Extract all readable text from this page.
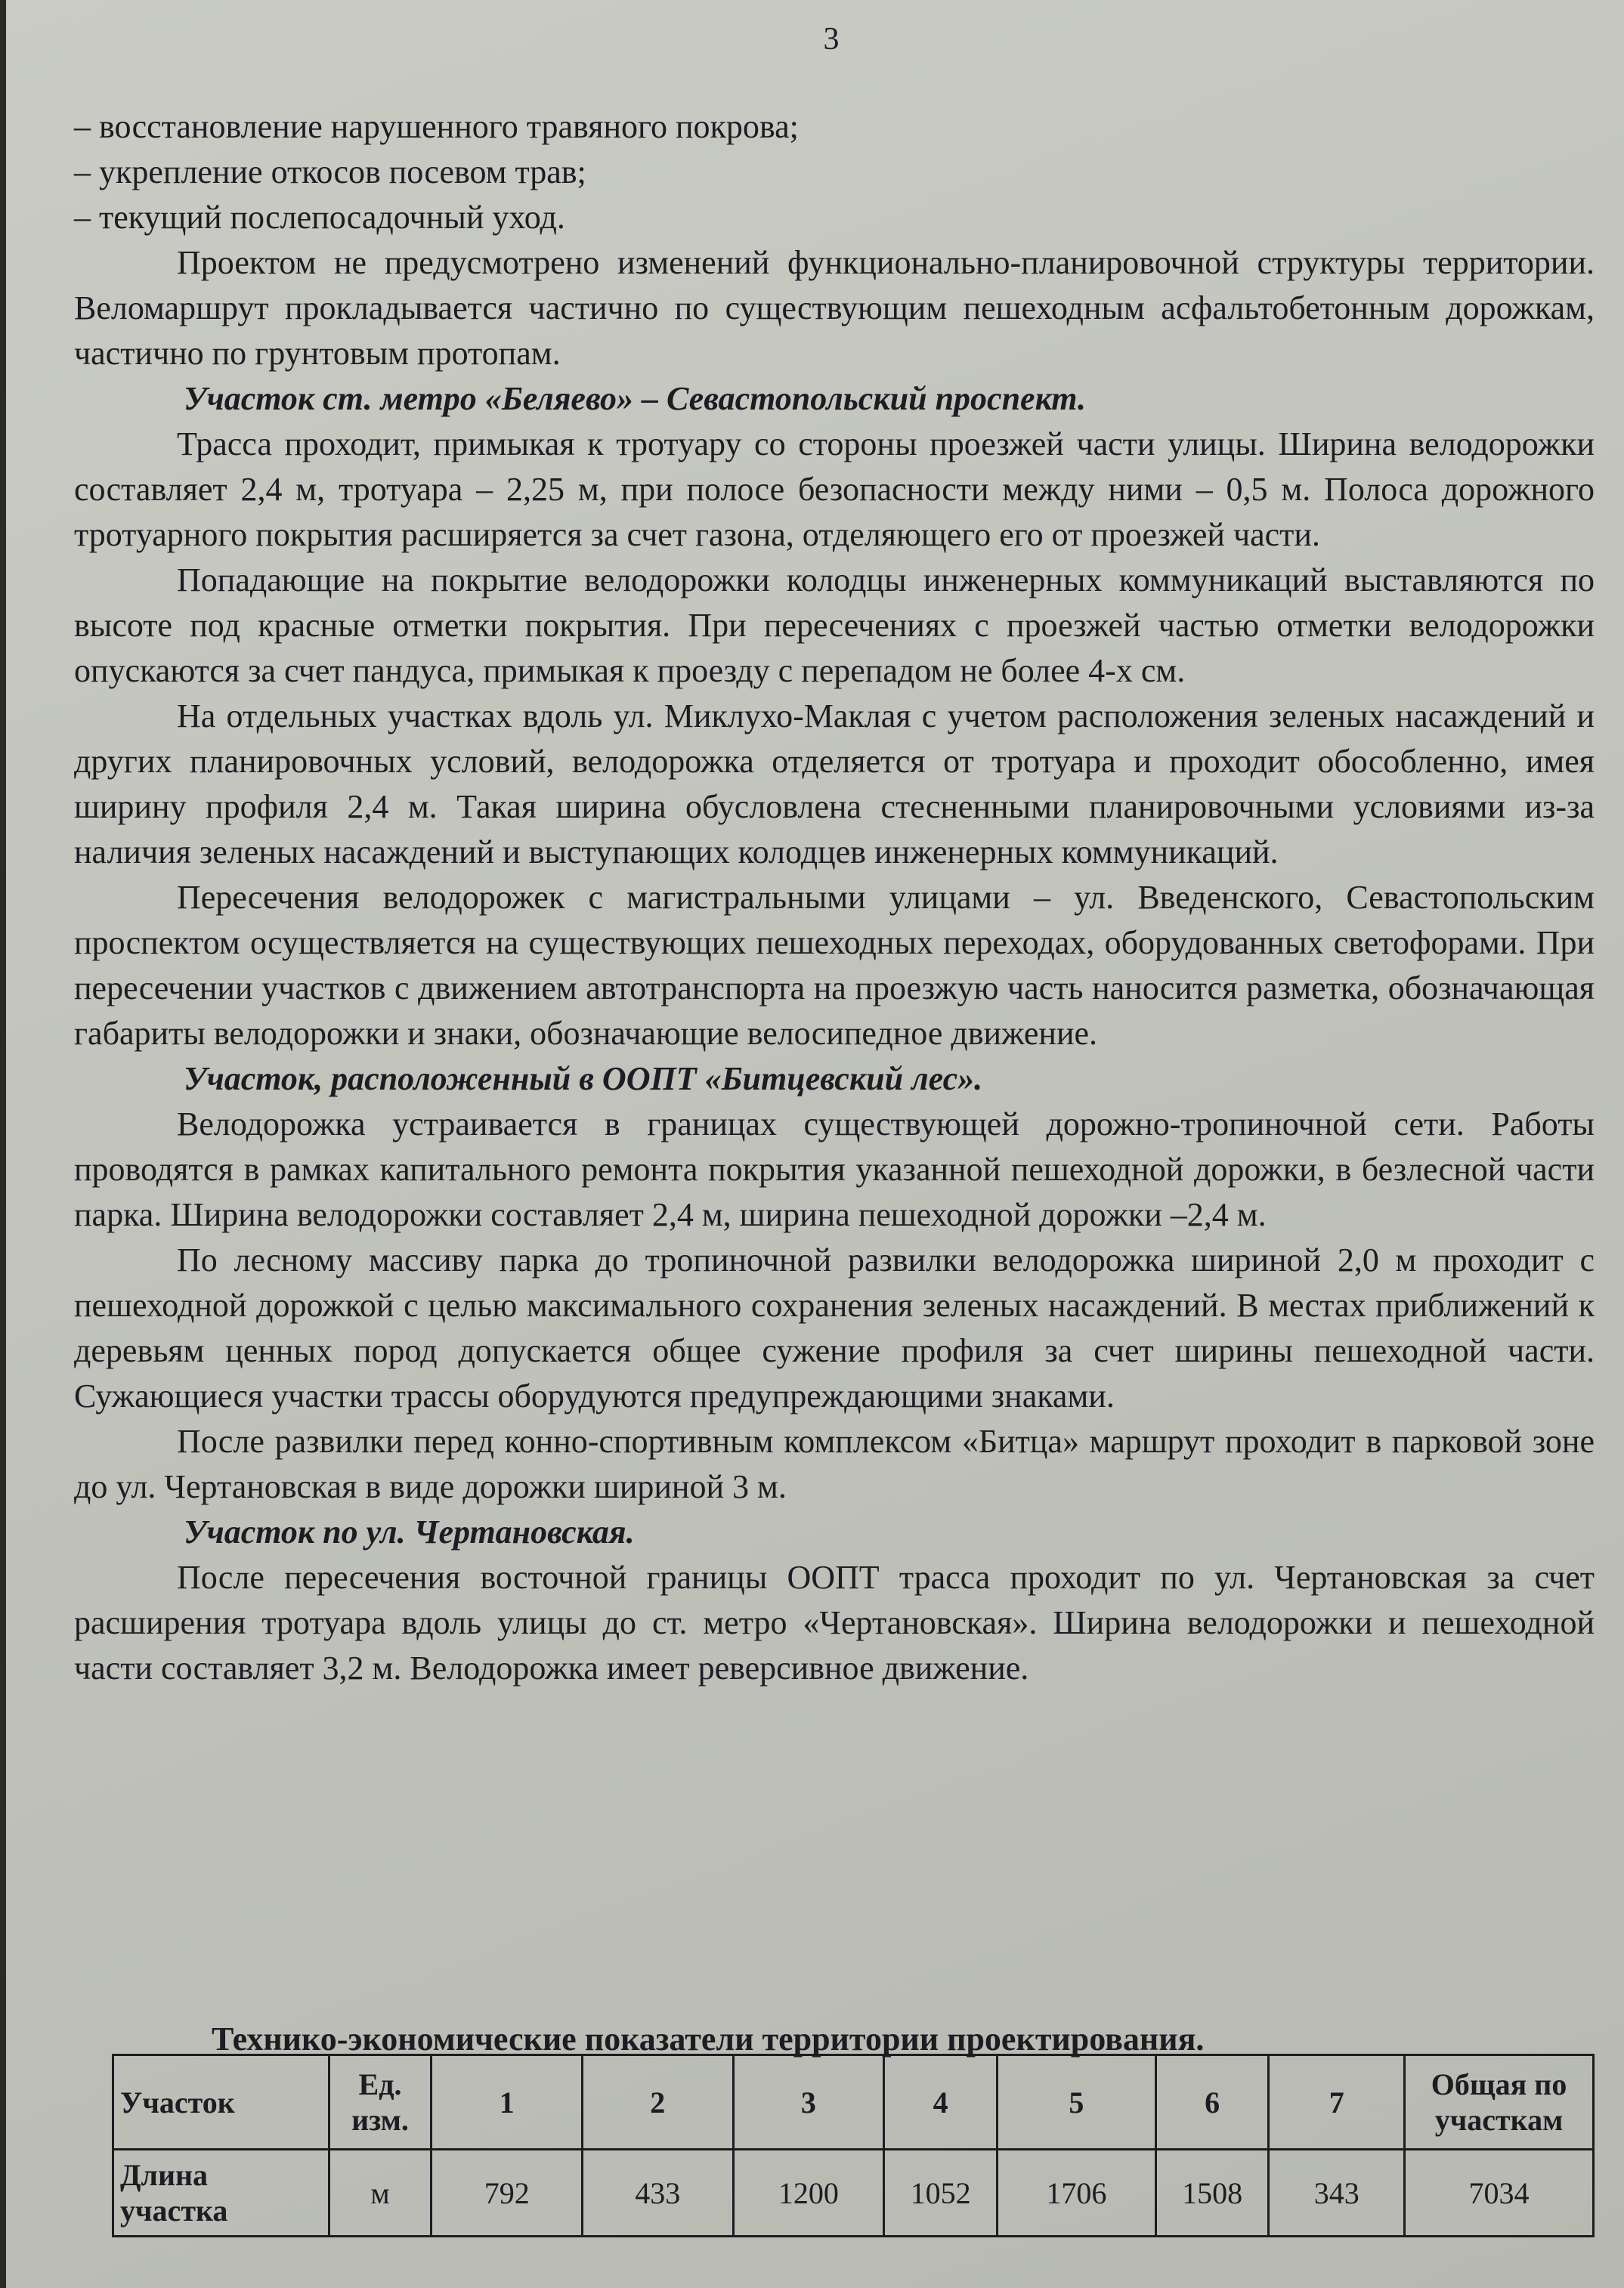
3

– восстановление нарушенного травяного покрова;

– укрепление откосов посевом трав;

– текущий послепосадочный уход.

Проектом не предусмотрено изменений функционально-планировочной структуры территории. Веломаршрут прокладывается частично по существующим пешеходным асфальтобетонным дорожкам, частично по грунтовым протопам.

Участок ст. метро «Беляево» – Севастопольский проспект.

Трасса проходит, примыкая к тротуару со стороны проезжей части улицы. Ширина велодорожки составляет 2,4 м, тротуара – 2,25 м, при полосе безопасности между ними – 0,5 м. Полоса дорожного тротуарного покрытия расширяется за счет газона, отделяющего его от проезжей части.

Попадающие на покрытие велодорожки колодцы инженерных коммуникаций выставляются по высоте под красные отметки покрытия. При пересечениях с проезжей частью отметки велодорожки опускаются за счет пандуса, примыкая к проезду с перепадом не более 4-х см.

На отдельных участках вдоль ул. Миклухо-Маклая с учетом расположения зеленых насаждений и других планировочных условий, велодорожка отделяется от тротуара и проходит обособленно, имея ширину профиля 2,4 м. Такая ширина обусловлена стесненными планировочными условиями из-за наличия зеленых насаждений и выступающих колодцев инженерных коммуникаций.

Пересечения велодорожек с магистральными улицами – ул. Введенского, Севастопольским проспектом осуществляется на существующих пешеходных переходах, оборудованных светофорами. При пересечении участков с движением автотранспорта на проезжую часть наносится разметка, обозначающая габариты велодорожки и знаки, обозначающие велосипедное движение.

Участок, расположенный в ООПТ «Битцевский лес».

Велодорожка устраивается в границах существующей дорожно-тропиночной сети. Работы проводятся в рамках капитального ремонта покрытия указанной пешеходной дорожки, в безлесной части парка. Ширина велодорожки составляет 2,4 м, ширина пешеходной дорожки –2,4 м.

По лесному массиву парка до тропиночной развилки велодорожка шириной 2,0 м проходит с пешеходной дорожкой с целью максимального сохранения зеленых насаждений. В местах приближений к деревьям ценных пород допускается общее сужение профиля за счет ширины пешеходной части. Сужающиеся участки трассы оборудуются предупреждающими знаками.

После развилки перед конно-спортивным комплексом «Битца» маршрут проходит в парковой зоне до ул. Чертановская в виде дорожки шириной 3 м.

Участок по ул. Чертановская.

После пересечения восточной границы ООПТ трасса проходит по ул. Чертановская за счет расширения тротуара вдоль улицы до ст. метро «Чертановская». Ширина велодорожки и пешеходной части составляет 3,2 м. Велодорожка имеет реверсивное движение.

Технико-экономические показатели территории проектирования.
Участок	Ед. изм.	1	2	3	4	5	6	7	Общая по участкам
Длина участка	м	792	433	1200	1052	1706	1508	343	7034
